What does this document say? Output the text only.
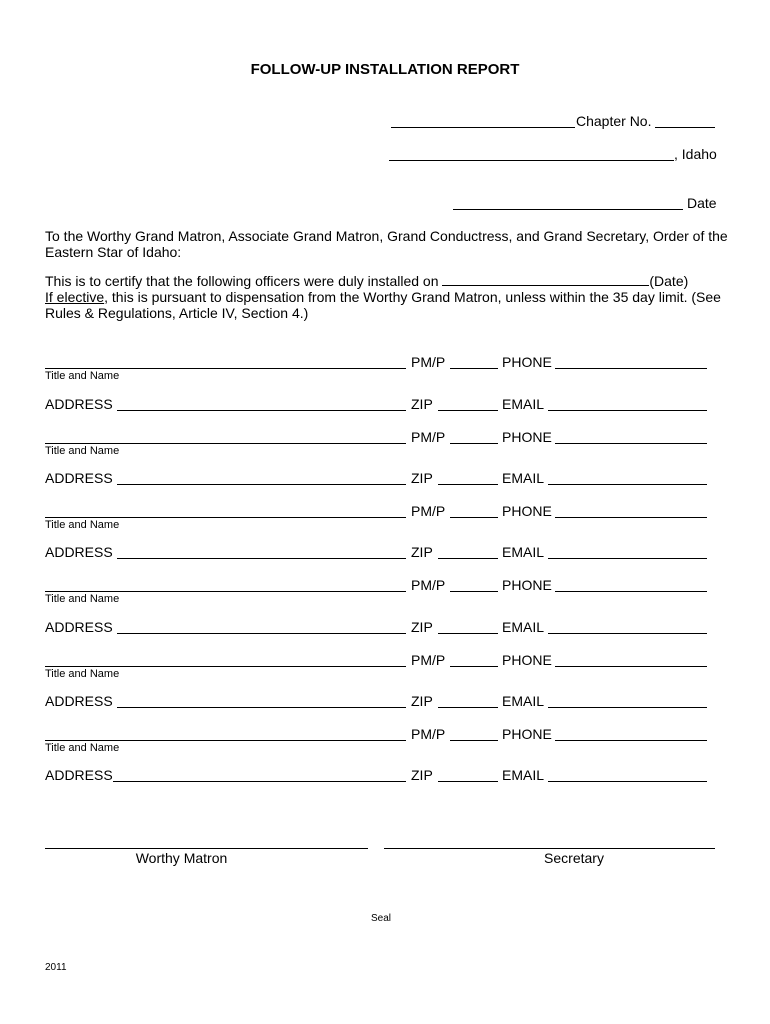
FOLLOW-UP INSTALLATION REPORT
Chapter No.
, Idaho
Date
To the Worthy Grand Matron, Associate Grand Matron, Grand Conductress, and Grand Secretary, Order of the Eastern Star of Idaho:
This is to certify that the following officers were duly installed on	(Date)
If elective, this is pursuant to dispensation from the Worthy Grand Matron, unless within the 35 day limit. (See Rules & Regulations, Article IV, Section 4.)
PM/P	PHONE
Title and Name
ADDRESS	ZIP	EMAIL
PM/P	PHONE
Title and Name
ADDRESS	ZIP	EMAIL
PM/P	PHONE
Title and Name
ADDRESS	ZIP	EMAIL
PM/P	PHONE
Title and Name
ADDRESS	ZIP	EMAIL
PM/P	PHONE
Title and Name
ADDRESS	ZIP	EMAIL
PM/P	PHONE
Title and Name
ADDRESS	ZIP	EMAIL
Worthy Matron	Secretary
Seal
2011
